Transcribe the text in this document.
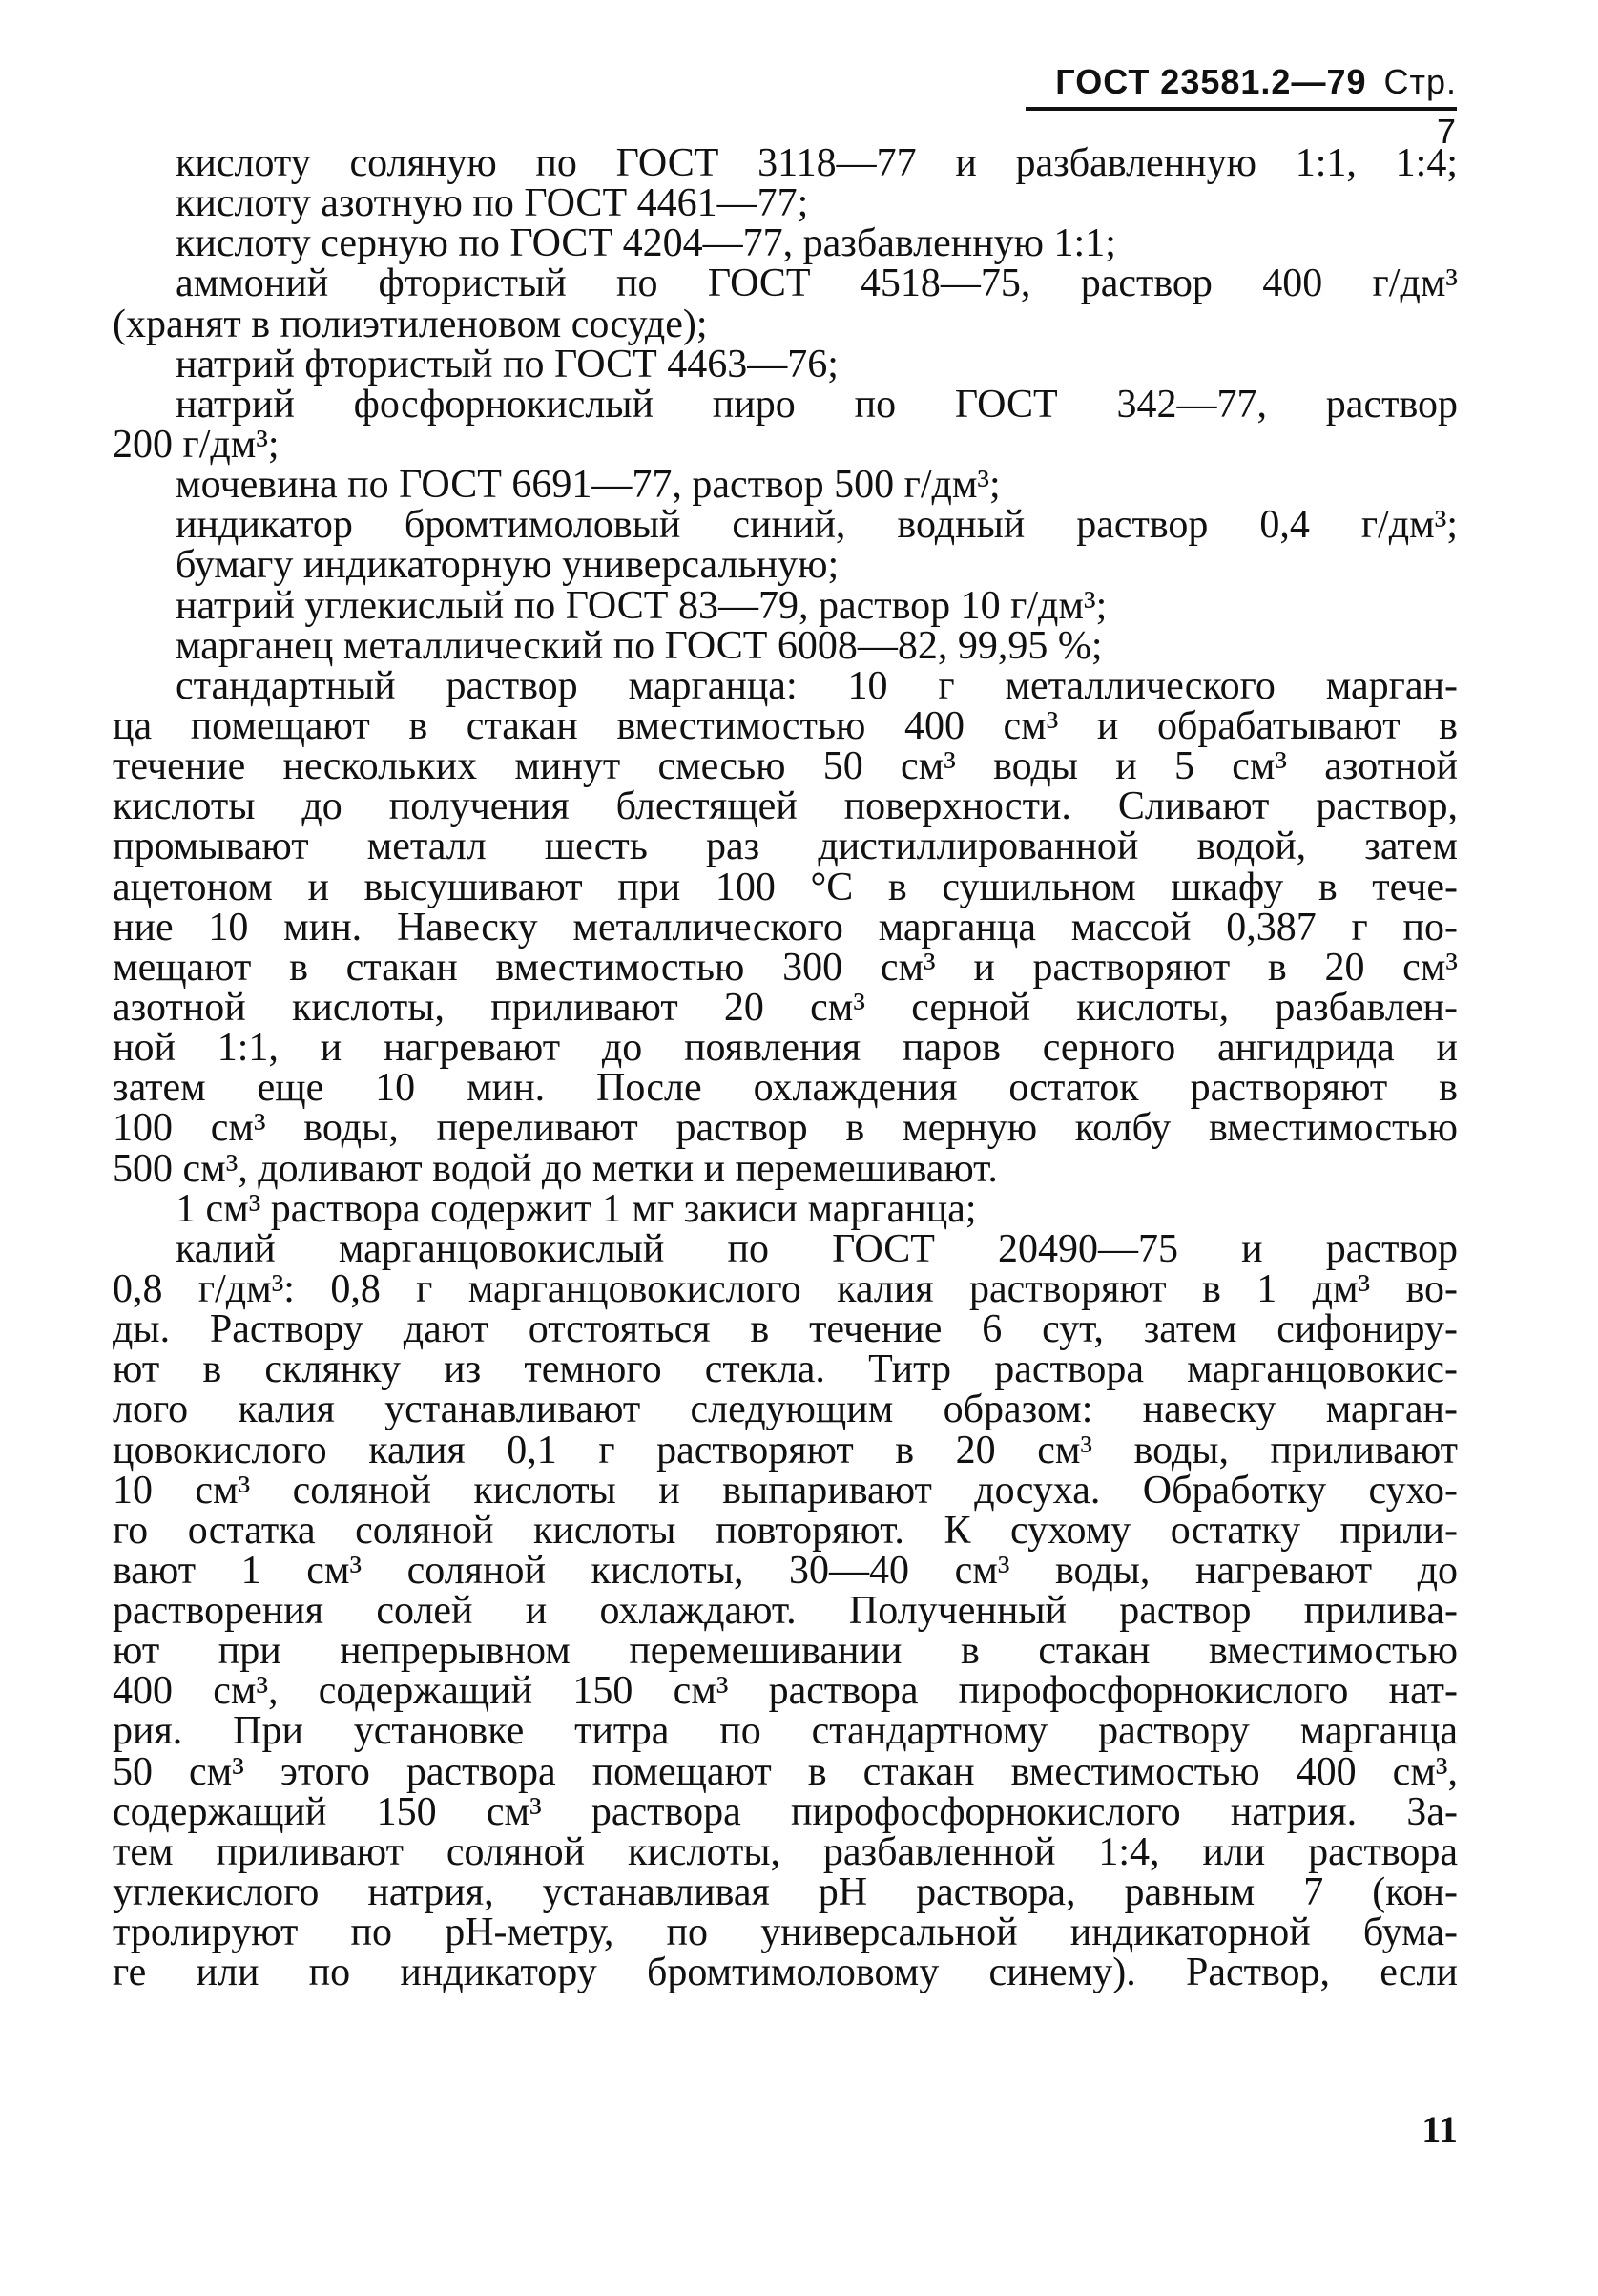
ГОСТ 23581.2—79 Стр. 7
кислоту соляную по ГОСТ 3118—77 и разбавленную 1:1, 1:4;
кислоту азотную по ГОСТ 4461—77;
кислоту серную по ГОСТ 4204—77, разбавленную 1:1;
аммоний фтористый по ГОСТ 4518—75, раствор 400 г/дм³
(хранят в полиэтиленовом сосуде);
натрий фтористый по ГОСТ 4463—76;
натрий фосфорнокислый пиро по ГОСТ 342—77, раствор
200 г/дм³;
мочевина по ГОСТ 6691—77, раствор 500 г/дм³;
индикатор бромтимоловый синий, водный раствор 0,4 г/дм³;
бумагу индикаторную универсальную;
натрий углекислый по ГОСТ 83—79, раствор 10 г/дм³;
марганец металлический по ГОСТ 6008—82, 99,95 %;
стандартный раствор марганца: 10 г металлического марган-
ца помещают в стакан вместимостью 400 см³ и обрабатывают в
течение нескольких минут смесью 50 см³ воды и 5 см³ азотной
кислоты до получения блестящей поверхности. Сливают раствор,
промывают металл шесть раз дистиллированной водой, затем
ацетоном и высушивают при 100 °С в сушильном шкафу в тече-
ние 10 мин. Навеску металлического марганца массой 0,387 г по-
мещают в стакан вместимостью 300 см³ и растворяют в 20 см³
азотной кислоты, приливают 20 см³ серной кислоты, разбавлен-
ной 1:1, и нагревают до появления паров серного ангидрида и
затем еще 10 мин. После охлаждения остаток растворяют в
100 см³ воды, переливают раствор в мерную колбу вместимостью
500 см³, доливают водой до метки и перемешивают.
1 см³ раствора содержит 1 мг закиси марганца;
калий марганцовокислый по ГОСТ 20490—75 и раствор
0,8 г/дм³: 0,8 г марганцовокислого калия растворяют в 1 дм³ во-
ды. Раствору дают отстояться в течение 6 сут, затем сифониру-
ют в склянку из темного стекла. Титр раствора марганцовокис-
лого калия устанавливают следующим образом: навеску марган-
цовокислого калия 0,1 г растворяют в 20 см³ воды, приливают
10 см³ соляной кислоты и выпаривают досуха. Обработку сухо-
го остатка соляной кислоты повторяют. К сухому остатку прили-
вают 1 см³ соляной кислоты, 30—40 см³ воды, нагревают до
растворения солей и охлаждают. Полученный раствор прилива-
ют при непрерывном перемешивании в стакан вместимостью
400 см³, содержащий 150 см³ раствора пирофосфорнокислого нат-
рия. При установке титра по стандартному раствору марганца
50 см³ этого раствора помещают в стакан вместимостью 400 см³,
содержащий 150 см³ раствора пирофосфорнокислого натрия. За-
тем приливают соляной кислоты, разбавленной 1:4, или раствора
углекислого натрия, устанавливая рН раствора, равным 7 (кон-
тролируют по рН-метру, по универсальной индикаторной бума-
ге или по индикатору бромтимоловому синему). Раствор, если
11
